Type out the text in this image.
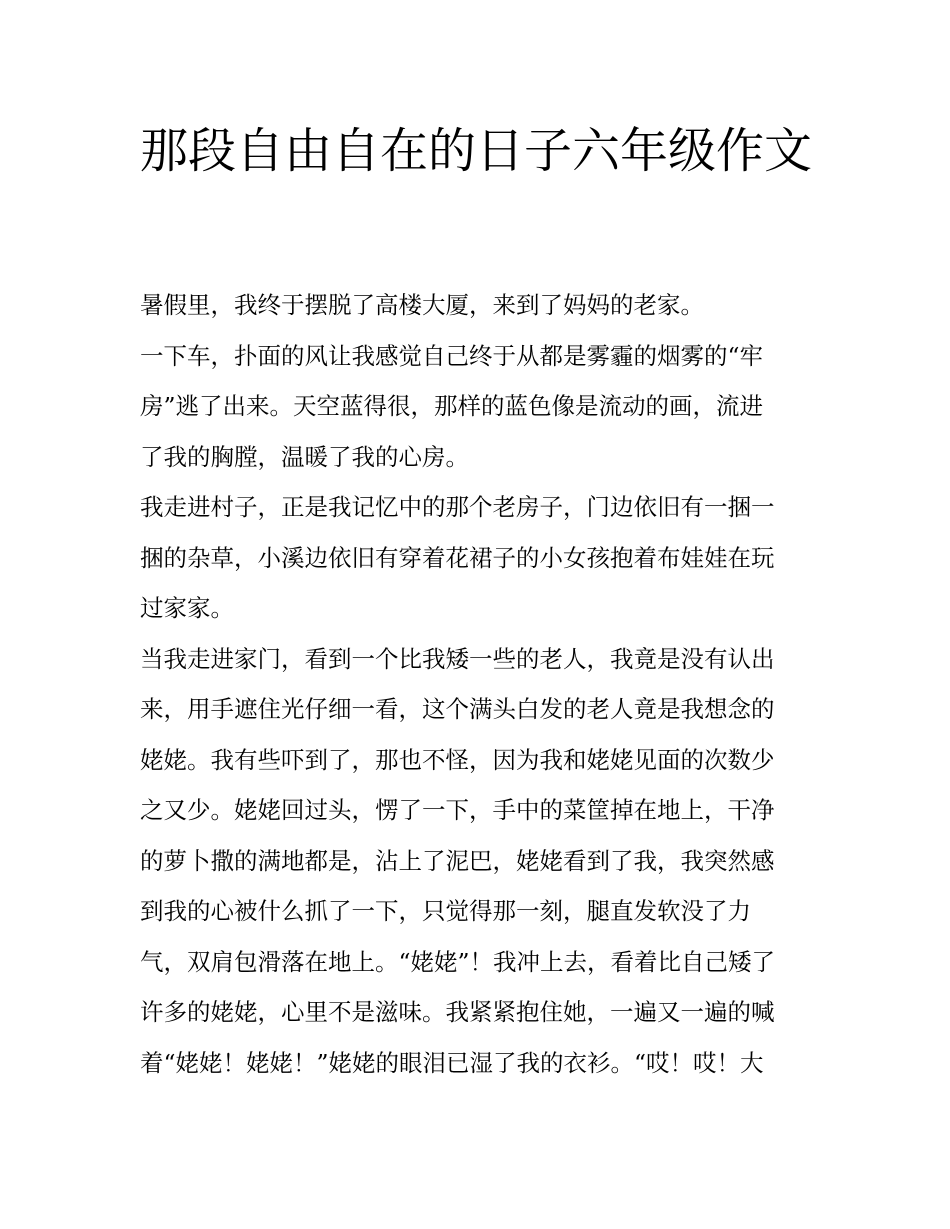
那段自由自在的日子六年级作文
暑假里，我终于摆脱了高楼大厦，来到了妈妈的老家。
一下车，扑面的风让我感觉自己终于从都是雾霾的烟雾的“牢
房”逃了出来。天空蓝得很，那样的蓝色像是流动的画，流进
了我的胸膛，温暖了我的心房。
我走进村子，正是我记忆中的那个老房子，门边依旧有一捆一
捆的杂草，小溪边依旧有穿着花裙子的小女孩抱着布娃娃在玩
过家家。
当我走进家门，看到一个比我矮一些的老人，我竟是没有认出
来，用手遮住光仔细一看，这个满头白发的老人竟是我想念的
姥姥。我有些吓到了，那也不怪，因为我和姥姥见面的次数少
之又少。姥姥回过头，愣了一下，手中的菜筐掉在地上，干净
的萝卜撒的满地都是，沾上了泥巴，姥姥看到了我，我突然感
到我的心被什么抓了一下，只觉得那一刻，腿直发软没了力
气，双肩包滑落在地上。“姥姥”！我冲上去，看着比自己矮了
许多的姥姥，心里不是滋味。我紧紧抱住她，一遍又一遍的喊
着“姥姥！姥姥！”姥姥的眼泪已湿了我的衣衫。“哎！哎！大
